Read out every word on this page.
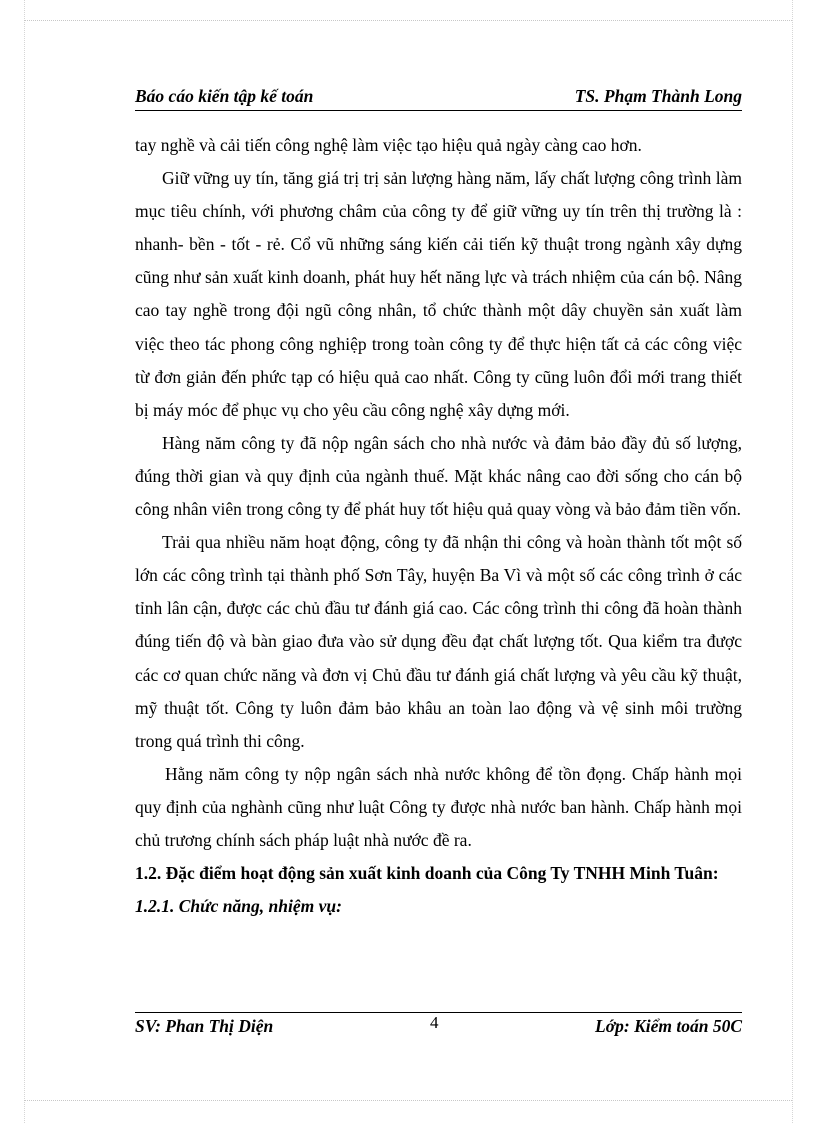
Báo cáo kiến tập kế toán	TS. Phạm Thành Long

tay nghề và cải tiến công nghệ làm việc tạo hiệu quả ngày càng cao hơn.

Giữ vững uy tín, tăng giá trị trị sản lượng hàng năm, lấy chất lượng công trình làm mục tiêu chính, với phương châm của công ty để giữ vững uy tín trên thị trường là : nhanh- bền - tốt - rẻ. Cổ vũ những sáng kiến cải tiến kỹ thuật trong ngành xây dựng cũng như sản xuất kinh doanh, phát huy hết năng lực và trách nhiệm của cán bộ. Nâng cao tay nghề trong đội ngũ công nhân, tổ chức thành một dây chuyền sản xuất làm việc theo tác phong công nghiệp trong toàn công ty để thực hiện tất cả các công việc từ đơn giản đến phức tạp có hiệu quả cao nhất. Công ty cũng luôn đổi mới trang thiết bị máy móc để phục vụ cho yêu cầu công nghệ xây dựng mới.

Hàng năm công ty đã nộp ngân sách cho nhà nước và đảm bảo đầy đủ số lượng, đúng thời gian và quy định của ngành thuế. Mặt khác nâng cao đời sống cho cán bộ công nhân viên trong công ty để phát huy tốt hiệu quả quay vòng và bảo đảm tiền vốn.

Trải qua nhiều năm hoạt động, công ty đã nhận thi công và hoàn thành tốt một số lớn các công trình tại thành phố Sơn Tây, huyện Ba Vì và một số các công trình ở các tỉnh lân cận, được các chủ đầu tư đánh giá cao. Các công trình thi công đã hoàn thành đúng tiến độ và bàn giao đưa vào sử dụng đều đạt chất lượng tốt. Qua kiểm tra được các cơ quan chức năng và đơn vị Chủ đầu tư đánh giá chất lượng và yêu cầu kỹ thuật, mỹ thuật tốt. Công ty luôn đảm bảo khâu an toàn lao động và vệ sinh môi trường trong quá trình thi công.

Hằng năm công ty nộp ngân sách nhà nước không để tồn đọng. Chấp hành mọi quy định của nghành cũng như luật Công ty được nhà nước ban hành. Chấp hành mọi chủ trương chính sách pháp luật nhà nước đề ra.

1.2. Đặc điểm hoạt động sản xuất kinh doanh của Công Ty TNHH Minh Tuân:

1.2.1. Chức năng, nhiệm vụ:

SV: Phan Thị Diện	4	Lớp: Kiểm toán 50C
